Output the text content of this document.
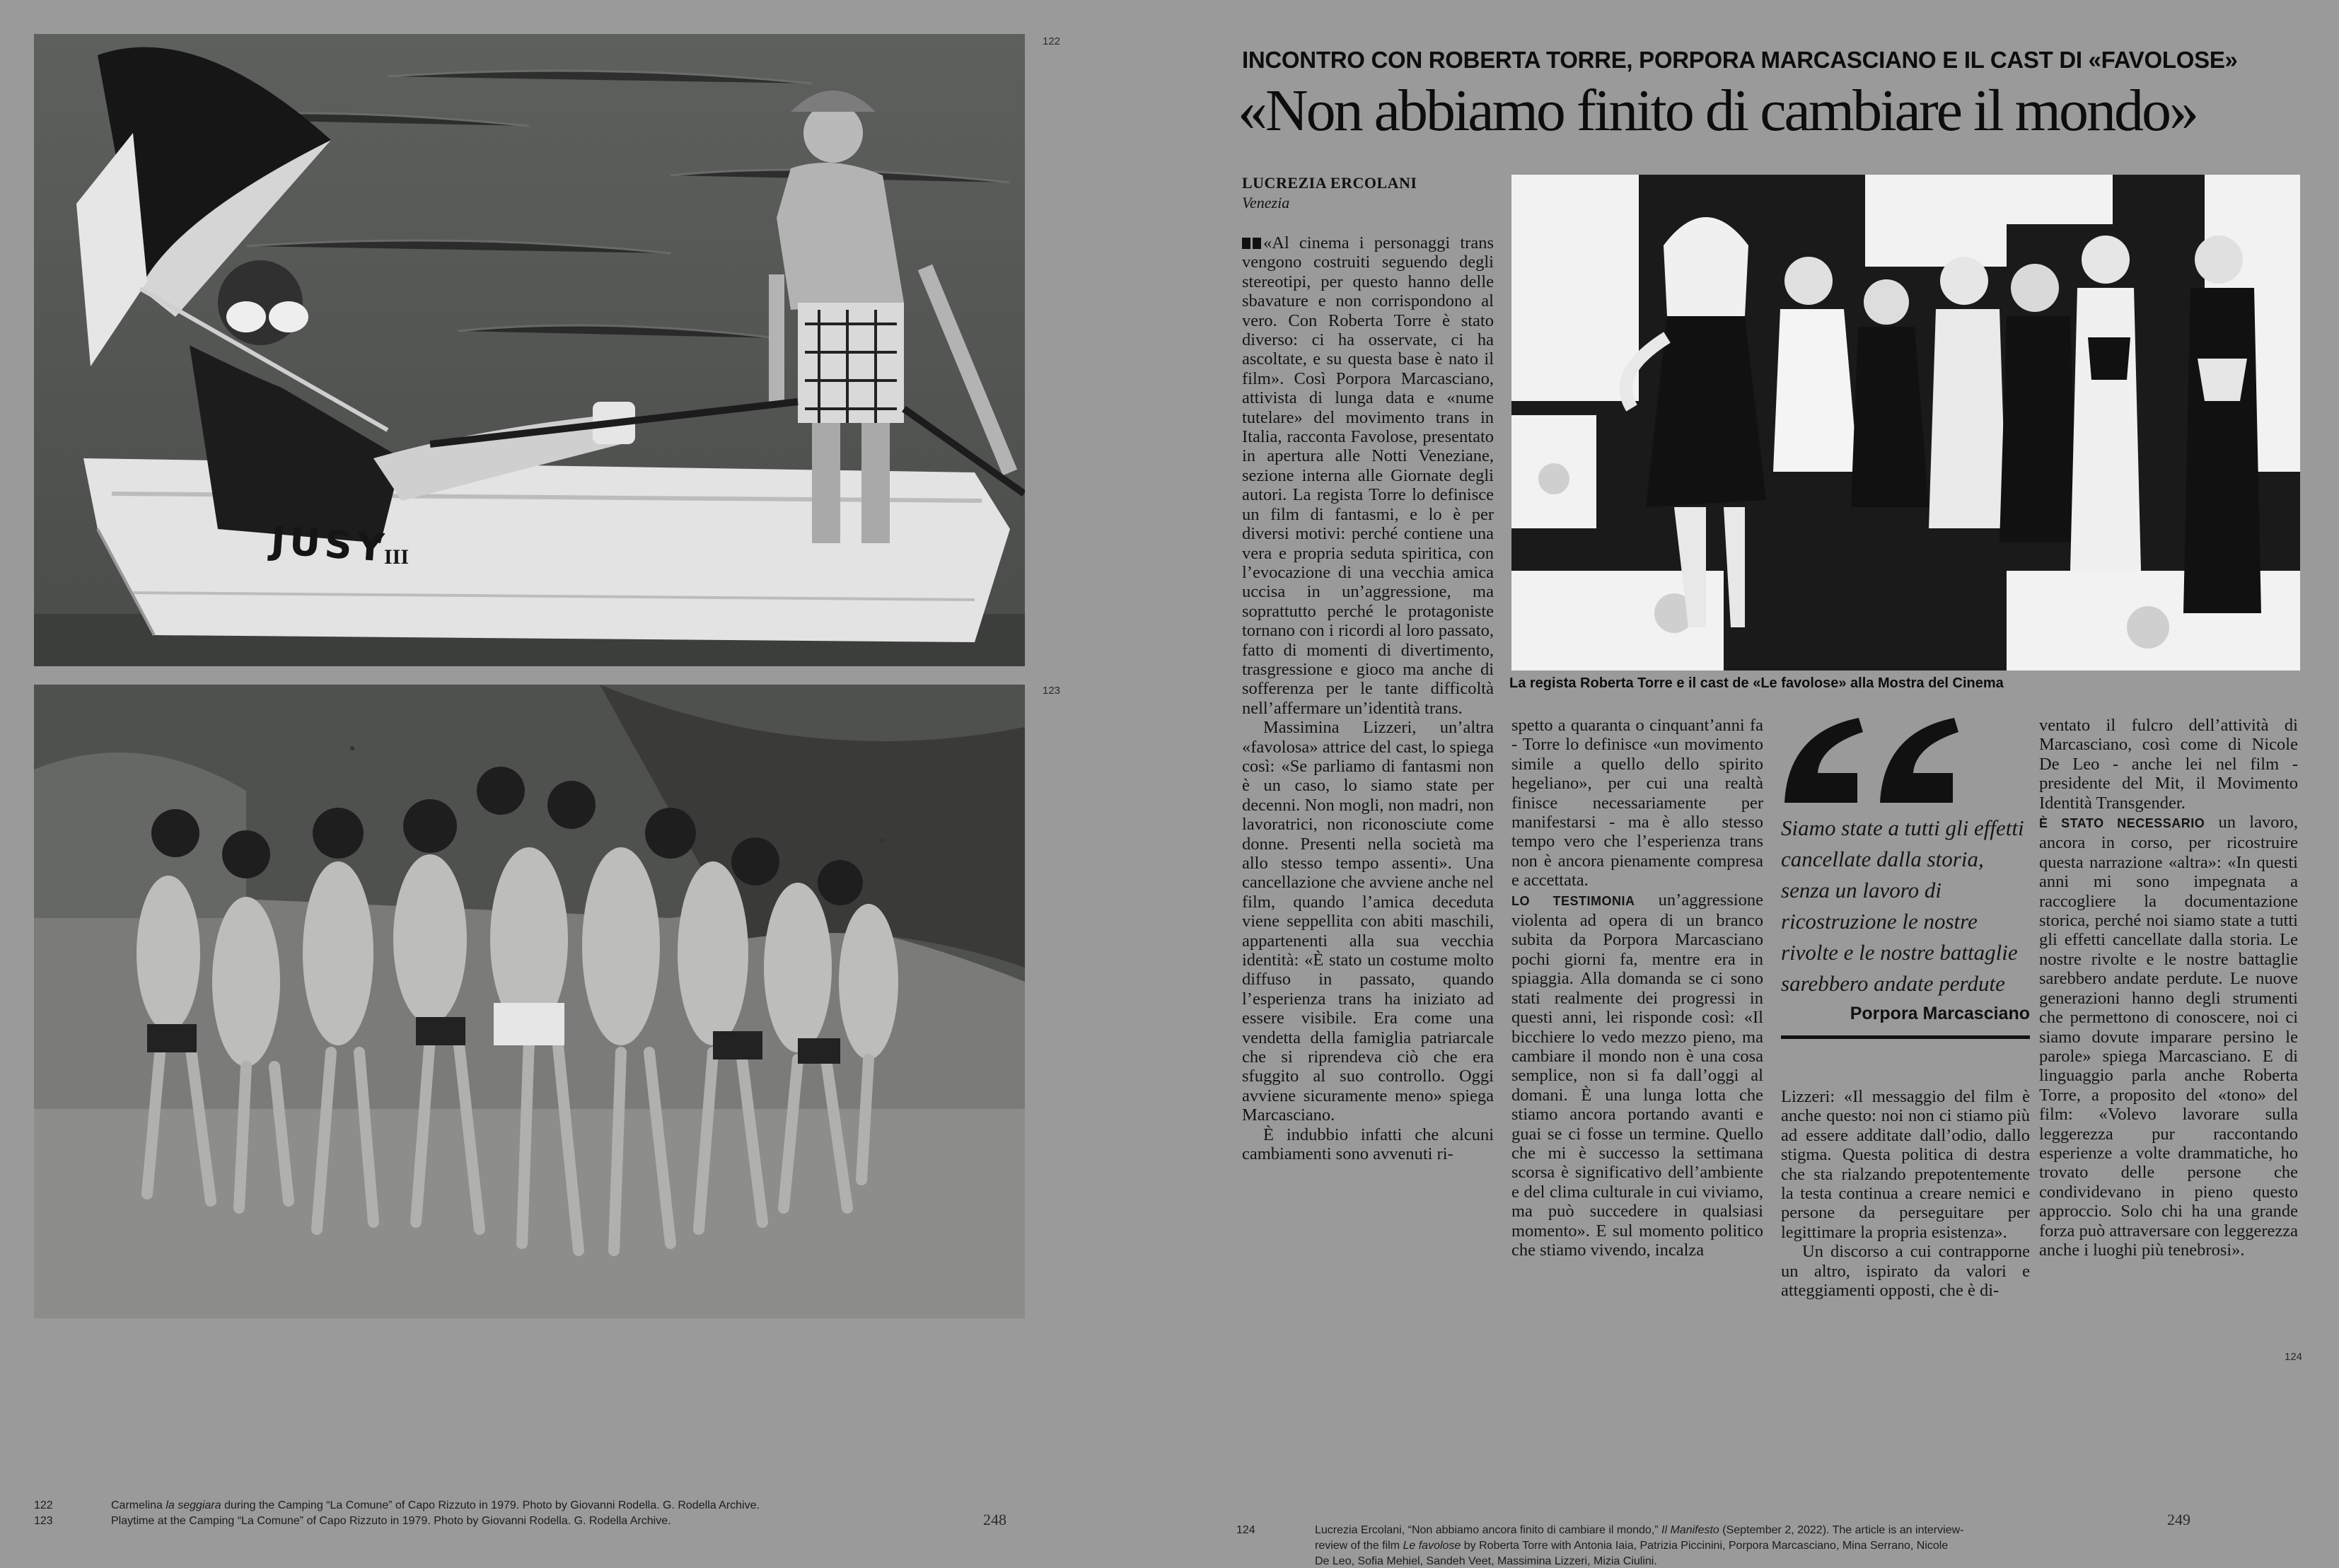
JUSY
III
122
123
122	Carmelina la seggiara during the Camping “La Comune” of Capo Rizzuto in 1979. Photo by Giovanni Rodella. G. Rodella Archive.
123	Playtime at the Camping “La Comune” of Capo Rizzuto in 1979. Photo by Giovanni Rodella. G. Rodella Archive.	248
INCONTRO CON ROBERTA TORRE, PORPORA MARCASCIANO E IL CAST DI «FAVOLOSE»
«Non abbiamo finito di cambiare il mondo»
LUCREZIA ERCOLANI
Venezia
La regista Roberta Torre e il cast de «Le favolose» alla Mostra del Cinema

«Al cinema i personaggi trans vengono costruiti seguendo degli stereotipi, per questo hanno delle sbavature e non corrispondono al vero. Con Roberta Torre è stato diverso: ci ha osservate, ci ha ascoltate, e su questa base è nato il film». Così Porpora Marcasciano, attivista di lunga data e «nume tutelare» del movimento trans in Italia, racconta Favolose, presentato in apertura alle Notti Veneziane, sezione interna alle Giornate degli autori. La regista Torre lo definisce un film di fantasmi, e lo è per diversi motivi: perché contiene una vera e propria seduta spiritica, con l’evocazione di una vecchia amica uccisa in un’aggressione, ma soprattutto perché le protagoniste tornano con i ricordi al loro passato, fatto di momenti di divertimento, trasgressione e gioco ma anche di sofferenza per le tante difficoltà nell’affermare un’identità trans.

Massimina Lizzeri, un’altra «favolosa» attrice del cast, lo spiega così: «Se parliamo di fantasmi non è un caso, lo siamo state per decenni. Non mogli, non madri, non lavoratrici, non riconosciute come donne. Presenti nella società ma allo stesso tempo assenti». Una cancellazione che avviene anche nel film, quando l’amica deceduta viene seppellita con abiti maschili, appartenenti alla sua vecchia identità: «È stato un costume molto diffuso in passato, quando l’esperienza trans ha iniziato ad essere visibile. Era come una vendetta della famiglia patriarcale che si riprendeva ciò che era sfuggito al suo controllo. Oggi avviene sicuramente meno» spiega Marcasciano.

È indubbio infatti che alcuni cambiamenti sono avvenuti ri-

spetto a quaranta o cinquant’anni fa - Torre lo definisce «un movimento simile a quello dello spirito hegeliano», per cui una realtà finisce necessariamente per manifestarsi - ma è allo stesso tempo vero che l’esperienza trans non è ancora pienamente compresa e accettata.

LO TESTIMONIA un’aggressione violenta ad opera di un branco subita da Porpora Marcasciano pochi giorni fa, mentre era in spiaggia. Alla domanda se ci sono stati realmente dei progressi in questi anni, lei risponde così: «Il bicchiere lo vedo mezzo pieno, ma cambiare il mondo non è una cosa semplice, non si fa dall’oggi al domani. È una lunga lotta che stiamo ancora portando avanti e guai se ci fosse un termine. Quello che mi è successo la settimana scorsa è significativo dell’ambiente e del clima culturale in cui viviamo, ma può succedere in qualsiasi momento». E sul momento politico che stiamo vivendo, incalza

Siamo state a tutti gli effetti cancellate dalla storia, senza un lavoro di ricostruzione le nostre rivolte e le nostre battaglie sarebbero andate perdute
Porpora Marcasciano

Lizzeri: «Il messaggio del film è anche questo: noi non ci stiamo più ad essere additate dall’odio, dallo stigma. Questa politica di destra che sta rialzando prepotentemente la testa continua a creare nemici e persone da perseguitare per legittimare la propria esistenza».

Un discorso a cui contrapporne un altro, ispirato da valori e atteggiamenti opposti, che è di-

ventato il fulcro dell’attività di Marcasciano, così come di Nicole De Leo - anche lei nel film - presidente del Mit, il Movimento Identità Transgender.

È STATO NECESSARIO un lavoro, ancora in corso, per ricostruire questa narrazione «altra»: «In questi anni mi sono impegnata a raccogliere la documentazione storica, perché noi siamo state a tutti gli effetti cancellate dalla storia. Le nostre rivolte e le nostre battaglie sarebbero andate perdute. Le nuove generazioni hanno degli strumenti che permettono di conoscere, noi ci siamo dovute imparare persino le parole» spiega Marcasciano. E di linguaggio parla anche Roberta Torre, a proposito del «tono» del film: «Volevo lavorare sulla leggerezza pur raccontando esperienze a volte drammatiche, ho trovato delle persone che condividevano in pieno questo approccio. Solo chi ha una grande forza può attraversare con leggerezza anche i luoghi più tenebrosi».

124
124	Lucrezia Ercolani, “Non abbiamo ancora finito di cambiare il mondo,” Il Manifesto (September 2, 2022). The article is an interview-
review of the film Le favolose by Roberta Torre with Antonia Iaia, Patrizia Piccinini, Porpora Marcasciano, Mina Serrano, Nicole
De Leo, Sofia Mehiel, Sandeh Veet, Massimina Lizzeri, Mizia Ciulini.
249
